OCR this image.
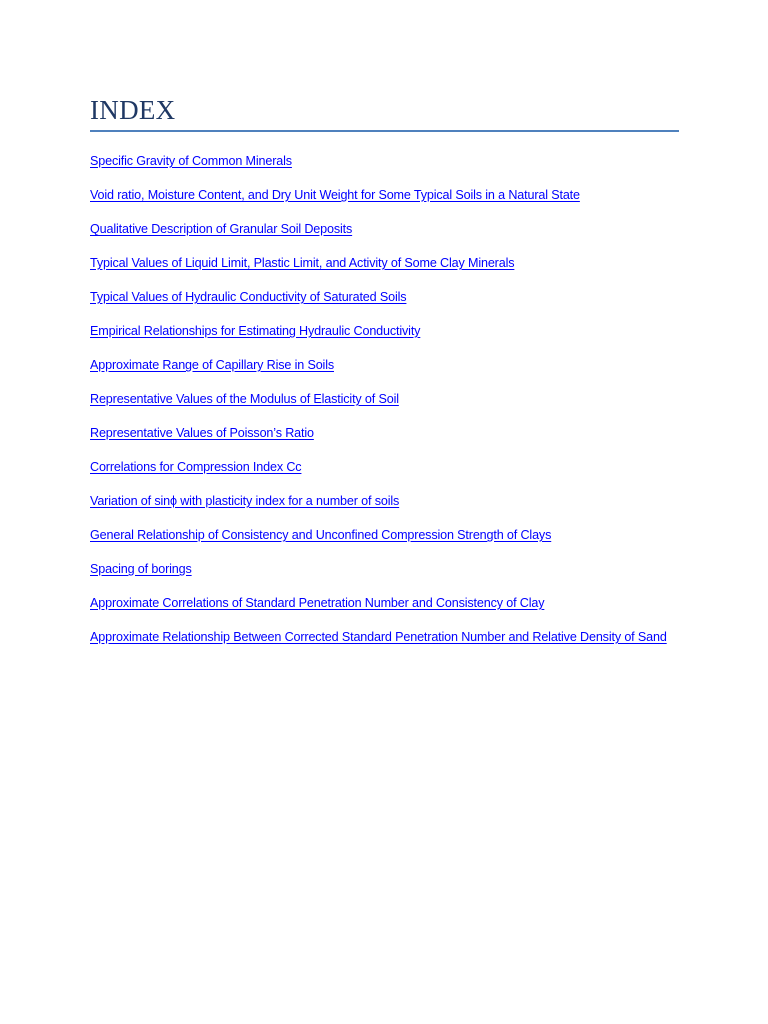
INDEX
Specific Gravity of Common Minerals
Void ratio, Moisture Content, and Dry Unit Weight for Some Typical Soils in a Natural State
Qualitative Description of Granular Soil Deposits
Typical Values of Liquid Limit, Plastic Limit, and Activity of Some Clay Minerals
Typical Values of Hydraulic Conductivity of Saturated Soils
Empirical Relationships for Estimating Hydraulic Conductivity
Approximate Range of Capillary Rise in Soils
Representative Values of the Modulus of Elasticity of Soil
Representative Values of Poisson’s Ratio
Correlations for Compression Index Cc
Variation of sinϕ with plasticity index for a number of soils
General Relationship of Consistency and Unconfined Compression Strength of Clays
Spacing of borings
Approximate Correlations of Standard Penetration Number and Consistency of Clay
Approximate Relationship Between Corrected Standard Penetration Number and Relative Density of Sand
